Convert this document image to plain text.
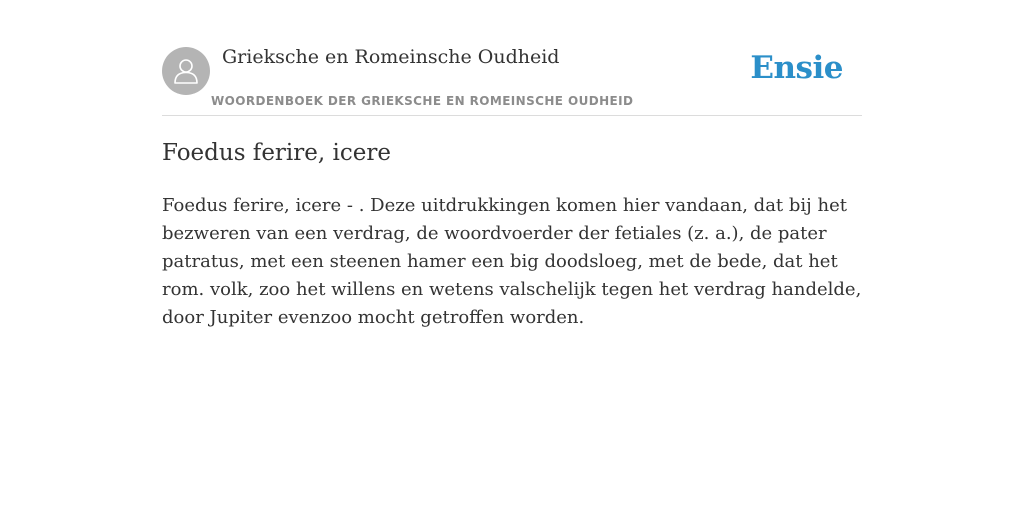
Grieksche en Romeinsche Oudheid
WOORDENBOEK DER GRIEKSCHE EN ROMEINSCHE OUDHEID
Ensie
Foedus ferire, icere

Foedus ferire, icere - . Deze uitdrukkingen komen hier vandaan, dat bij het bezweren van een verdrag, de woordvoerder der fetiales (z. a.), de pater patratus, met een steenen hamer een big doodsloeg, met de bede, dat het rom. volk, zoo het willens en wetens valschelijk tegen het verdrag handelde, door Jupiter evenzoo mocht getroffen worden.
